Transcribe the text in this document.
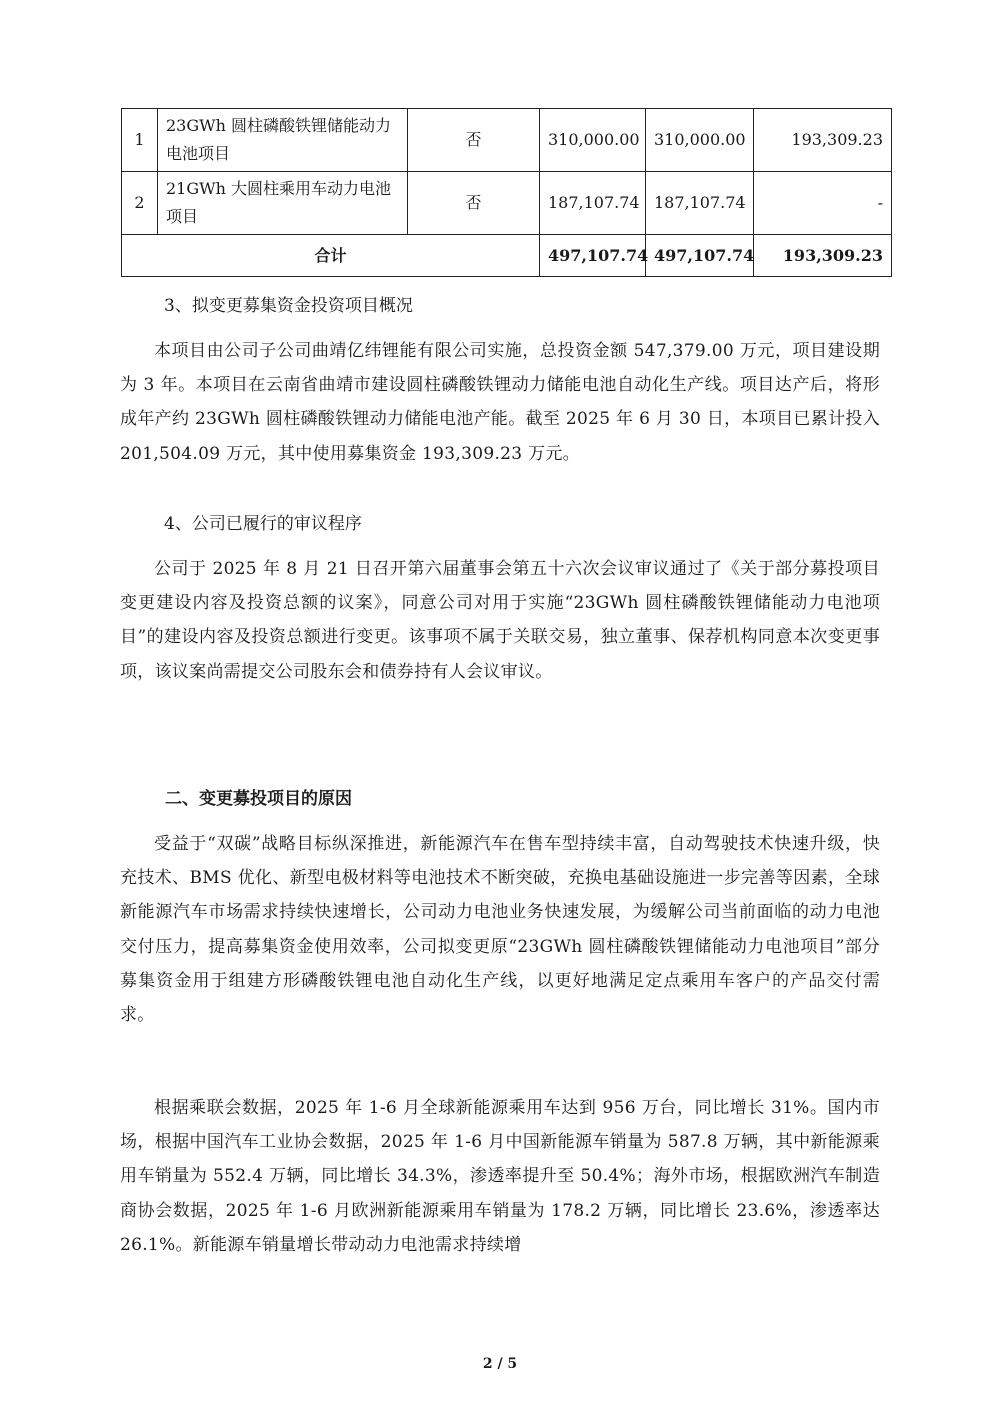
1	23GWh 圆柱磷酸铁锂储能动力电池项目	否	310,000.00	310,000.00	193,309.23
2	21GWh 大圆柱乘用车动力电池项目	否	187,107.74	187,107.74	-
合计			497,107.74	497,107.74	193,309.23
3、拟变更募集资金投资项目概况
本项目由公司子公司曲靖亿纬锂能有限公司实施，总投资金额 547,379.00 万元，项目建设期为 3 年。本项目在云南省曲靖市建设圆柱磷酸铁锂动力储能电池自动化生产线。项目达产后，将形成年产约 23GWh 圆柱磷酸铁锂动力储能电池产能。截至 2025 年 6 月 30 日，本项目已累计投入 201,504.09 万元，其中使用募集资金 193,309.23 万元。
4、公司已履行的审议程序
公司于 2025 年 8 月 21 日召开第六届董事会第五十六次会议审议通过了《关于部分募投项目变更建设内容及投资总额的议案》，同意公司对用于实施“23GWh 圆柱磷酸铁锂储能动力电池项目”的建设内容及投资总额进行变更。该事项不属于关联交易，独立董事、保荐机构同意本次变更事项，该议案尚需提交公司股东会和债券持有人会议审议。
二、变更募投项目的原因
受益于“双碳”战略目标纵深推进，新能源汽车在售车型持续丰富，自动驾驶技术快速升级，快充技术、BMS 优化、新型电极材料等电池技术不断突破，充换电基础设施进一步完善等因素，全球新能源汽车市场需求持续快速增长，公司动力电池业务快速发展，为缓解公司当前面临的动力电池交付压力，提高募集资金使用效率，公司拟变更原“23GWh 圆柱磷酸铁锂储能动力电池项目”部分募集资金用于组建方形磷酸铁锂电池自动化生产线，以更好地满足定点乘用车客户的产品交付需求。
根据乘联会数据，2025 年 1-6 月全球新能源乘用车达到 956 万台，同比增长 31%。国内市场，根据中国汽车工业协会数据，2025 年 1-6 月中国新能源车销量为 587.8 万辆，其中新能源乘用车销量为 552.4 万辆，同比增长 34.3%，渗透率提升至 50.4%；海外市场，根据欧洲汽车制造商协会数据，2025 年 1-6 月欧洲新能源乘用车销量为 178.2 万辆，同比增长 23.6%，渗透率达 26.1%。新能源车销量增长带动动力电池需求持续增
2 / 5
